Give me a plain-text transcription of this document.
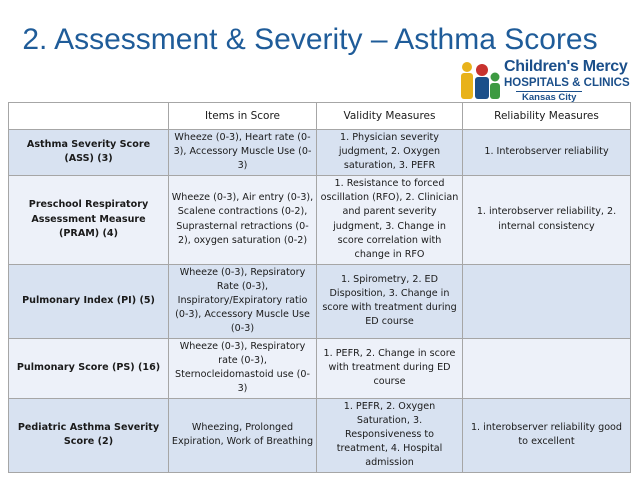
2. Assessment & Severity – Asthma Scores
Children's Mercy
HOSPITALS & CLINICS
Kansas City
	Items in Score	Validity Measures	Reliability Measures
Asthma Severity Score (ASS) (3)	Wheeze (0-3), Heart rate (0-3), Accessory Muscle Use (0-3)	1. Physician severity judgment, 2. Oxygen saturation, 3. PEFR	1. Interobserver reliability
Preschool Respiratory Assessment Measure (PRAM) (4)	Wheeze (0-3), Air entry (0-3), Scalene contractions (0-2), Suprasternal retractions (0-2), oxygen saturation (0-2)	1. Resistance to forced oscillation (RFO), 2. Clinician and parent severity judgment, 3. Change in score correlation with change in RFO	1. interobserver reliability, 2. internal consistency
Pulmonary Index (PI) (5)	Wheeze (0-3), Repsiratory Rate (0-3), Inspiratory/Expiratory ratio (0-3), Accessory Muscle Use (0-3)	1. Spirometry, 2. ED Disposition, 3. Change in score with treatment during ED course	
Pulmonary Score (PS) (16)	Wheeze (0-3), Respiratory rate (0-3), Sternocleidomastoid use (0-3)	1. PEFR, 2. Change in score with treatment during ED course	
Pediatric Asthma Severity Score (2)	Wheezing, Prolonged Expiration, Work of Breathing	1. PEFR, 2. Oxygen Saturation, 3. Responsiveness to treatment, 4. Hospital admission	1. interobserver reliability good to excellent
